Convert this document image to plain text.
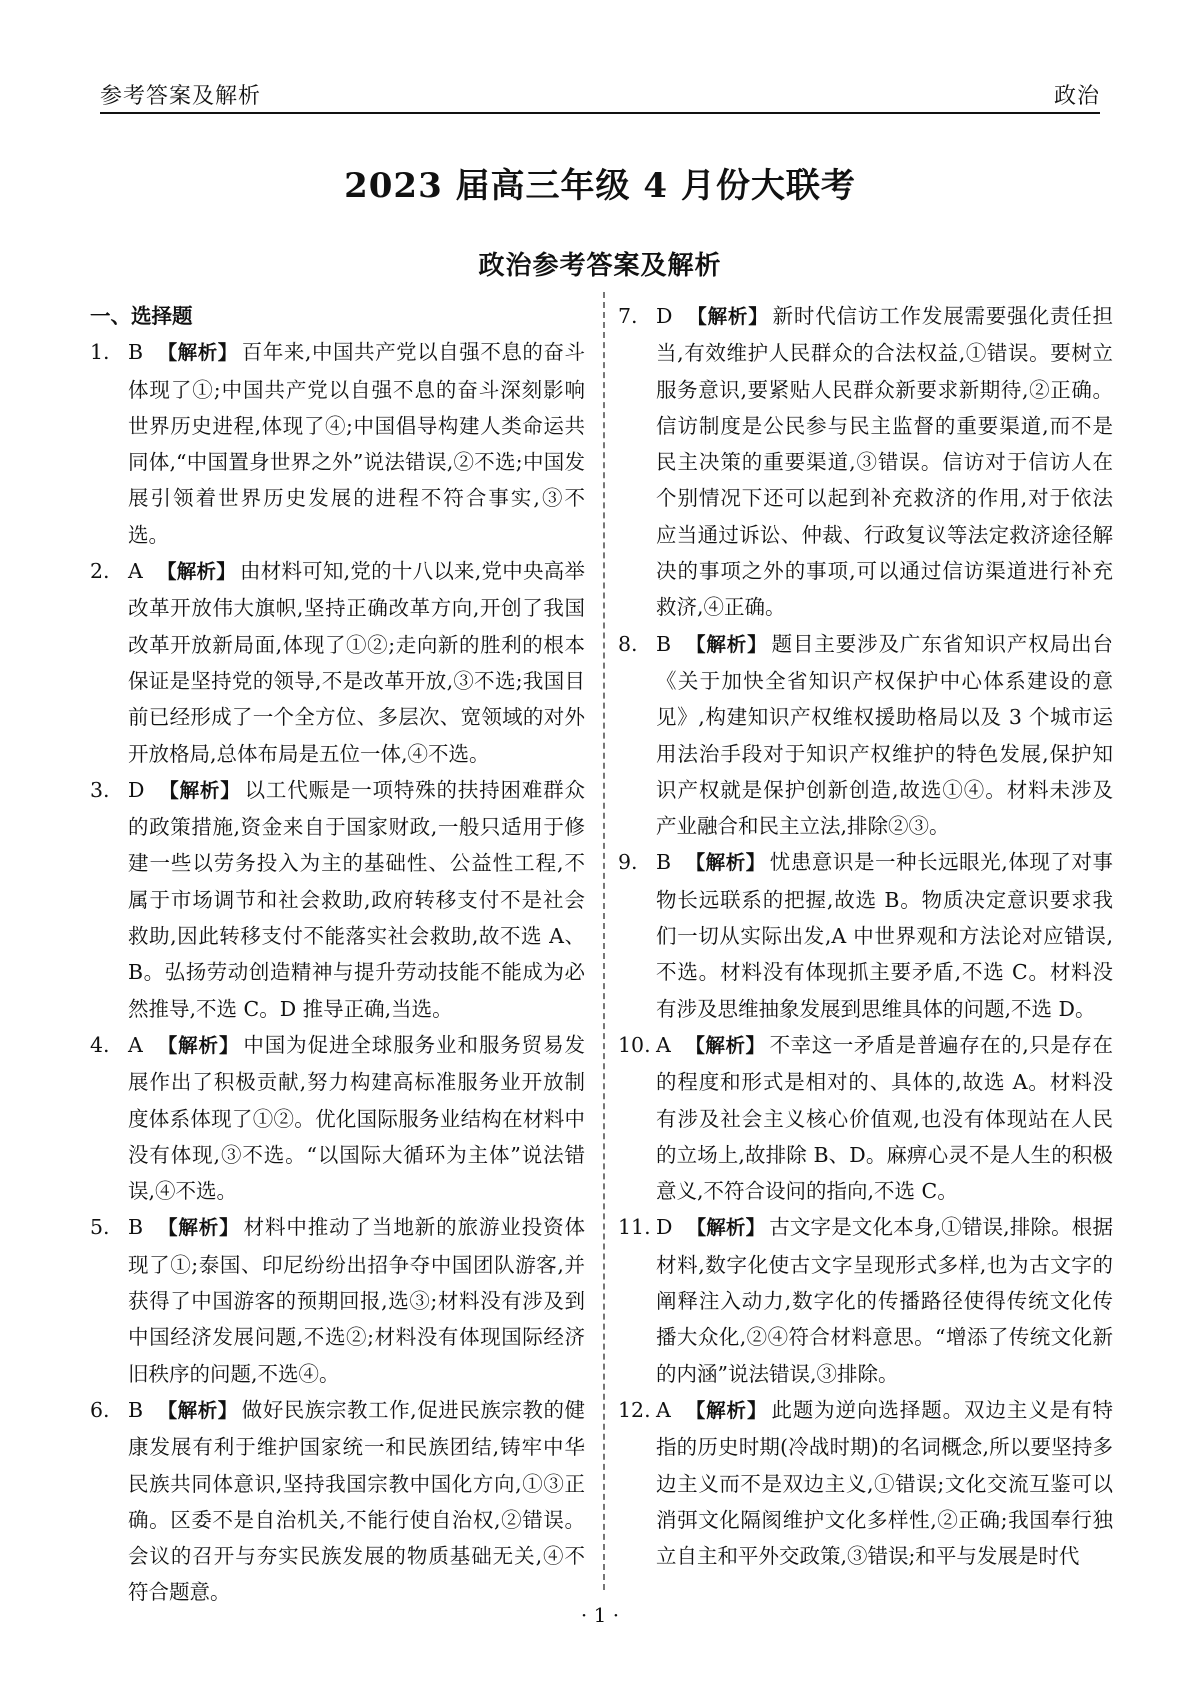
参考答案及解析	政治
2023 届高三年级 4 月份大联考
政治参考答案及解析

一、选择题

1. B 【解析】 百年来,中国共产党以自强不息的奋斗体现了①;中国共产党以自强不息的奋斗深刻影响世界历史进程,体现了④;中国倡导构建人类命运共同体,“中国置身世界之外”说法错误,②不选;中国发展引领着世界历史发展的进程不符合事实,③不选。

2. A 【解析】 由材料可知,党的十八以来,党中央高举改革开放伟大旗帜,坚持正确改革方向,开创了我国改革开放新局面,体现了①②;走向新的胜利的根本保证是坚持党的领导,不是改革开放,③不选;我国目前已经形成了一个全方位、多层次、宽领域的对外开放格局,总体布局是五位一体,④不选。

3. D 【解析】 以工代赈是一项特殊的扶持困难群众的政策措施,资金来自于国家财政,一般只适用于修建一些以劳务投入为主的基础性、公益性工程,不属于市场调节和社会救助,政府转移支付不是社会救助,因此转移支付不能落实社会救助,故不选 A、B。弘扬劳动创造精神与提升劳动技能不能成为必然推导,不选 C。D 推导正确,当选。

4. A 【解析】 中国为促进全球服务业和服务贸易发展作出了积极贡献,努力构建高标准服务业开放制度体系体现了①②。优化国际服务业结构在材料中没有体现,③不选。“以国际大循环为主体”说法错误,④不选。

5. B 【解析】 材料中推动了当地新的旅游业投资体现了①;泰国、印尼纷纷出招争夺中国团队游客,并获得了中国游客的预期回报,选③;材料没有涉及到中国经济发展问题,不选②;材料没有体现国际经济旧秩序的问题,不选④。

6. B 【解析】 做好民族宗教工作,促进民族宗教的健康发展有利于维护国家统一和民族团结,铸牢中华民族共同体意识,坚持我国宗教中国化方向,①③正确。区委不是自治机关,不能行使自治权,②错误。会议的召开与夯实民族发展的物质基础无关,④不符合题意。

7. D 【解析】 新时代信访工作发展需要强化责任担当,有效维护人民群众的合法权益,①错误。要树立服务意识,要紧贴人民群众新要求新期待,②正确。信访制度是公民参与民主监督的重要渠道,而不是民主决策的重要渠道,③错误。信访对于信访人在个别情况下还可以起到补充救济的作用,对于依法应当通过诉讼、仲裁、行政复议等法定救济途径解决的事项之外的事项,可以通过信访渠道进行补充救济,④正确。

8. B 【解析】 题目主要涉及广东省知识产权局出台《关于加快全省知识产权保护中心体系建设的意见》,构建知识产权维权援助格局以及 3 个城市运用法治手段对于知识产权维护的特色发展,保护知识产权就是保护创新创造,故选①④。材料未涉及产业融合和民主立法,排除②③。

9. B 【解析】 忧患意识是一种长远眼光,体现了对事物长远联系的把握,故选 B。物质决定意识要求我们一切从实际出发,A 中世界观和方法论对应错误,不选。材料没有体现抓主要矛盾,不选 C。材料没有涉及思维抽象发展到思维具体的问题,不选 D。

10. A 【解析】 不幸这一矛盾是普遍存在的,只是存在的程度和形式是相对的、具体的,故选 A。材料没有涉及社会主义核心价值观,也没有体现站在人民的立场上,故排除 B、D。麻痹心灵不是人生的积极意义,不符合设问的指向,不选 C。

11. D 【解析】 古文字是文化本身,①错误,排除。根据材料,数字化使古文字呈现形式多样,也为古文字的阐释注入动力,数字化的传播路径使得传统文化传播大众化,②④符合材料意思。“增添了传统文化新的内涵”说法错误,③排除。

12. A 【解析】 此题为逆向选择题。双边主义是有特指的历史时期(冷战时期)的名词概念,所以要坚持多边主义而不是双边主义,①错误;文化交流互鉴可以消弭文化隔阂维护文化多样性,②正确;我国奉行独立自主和平外交政策,③错误;和平与发展是时代

· 1 ·
